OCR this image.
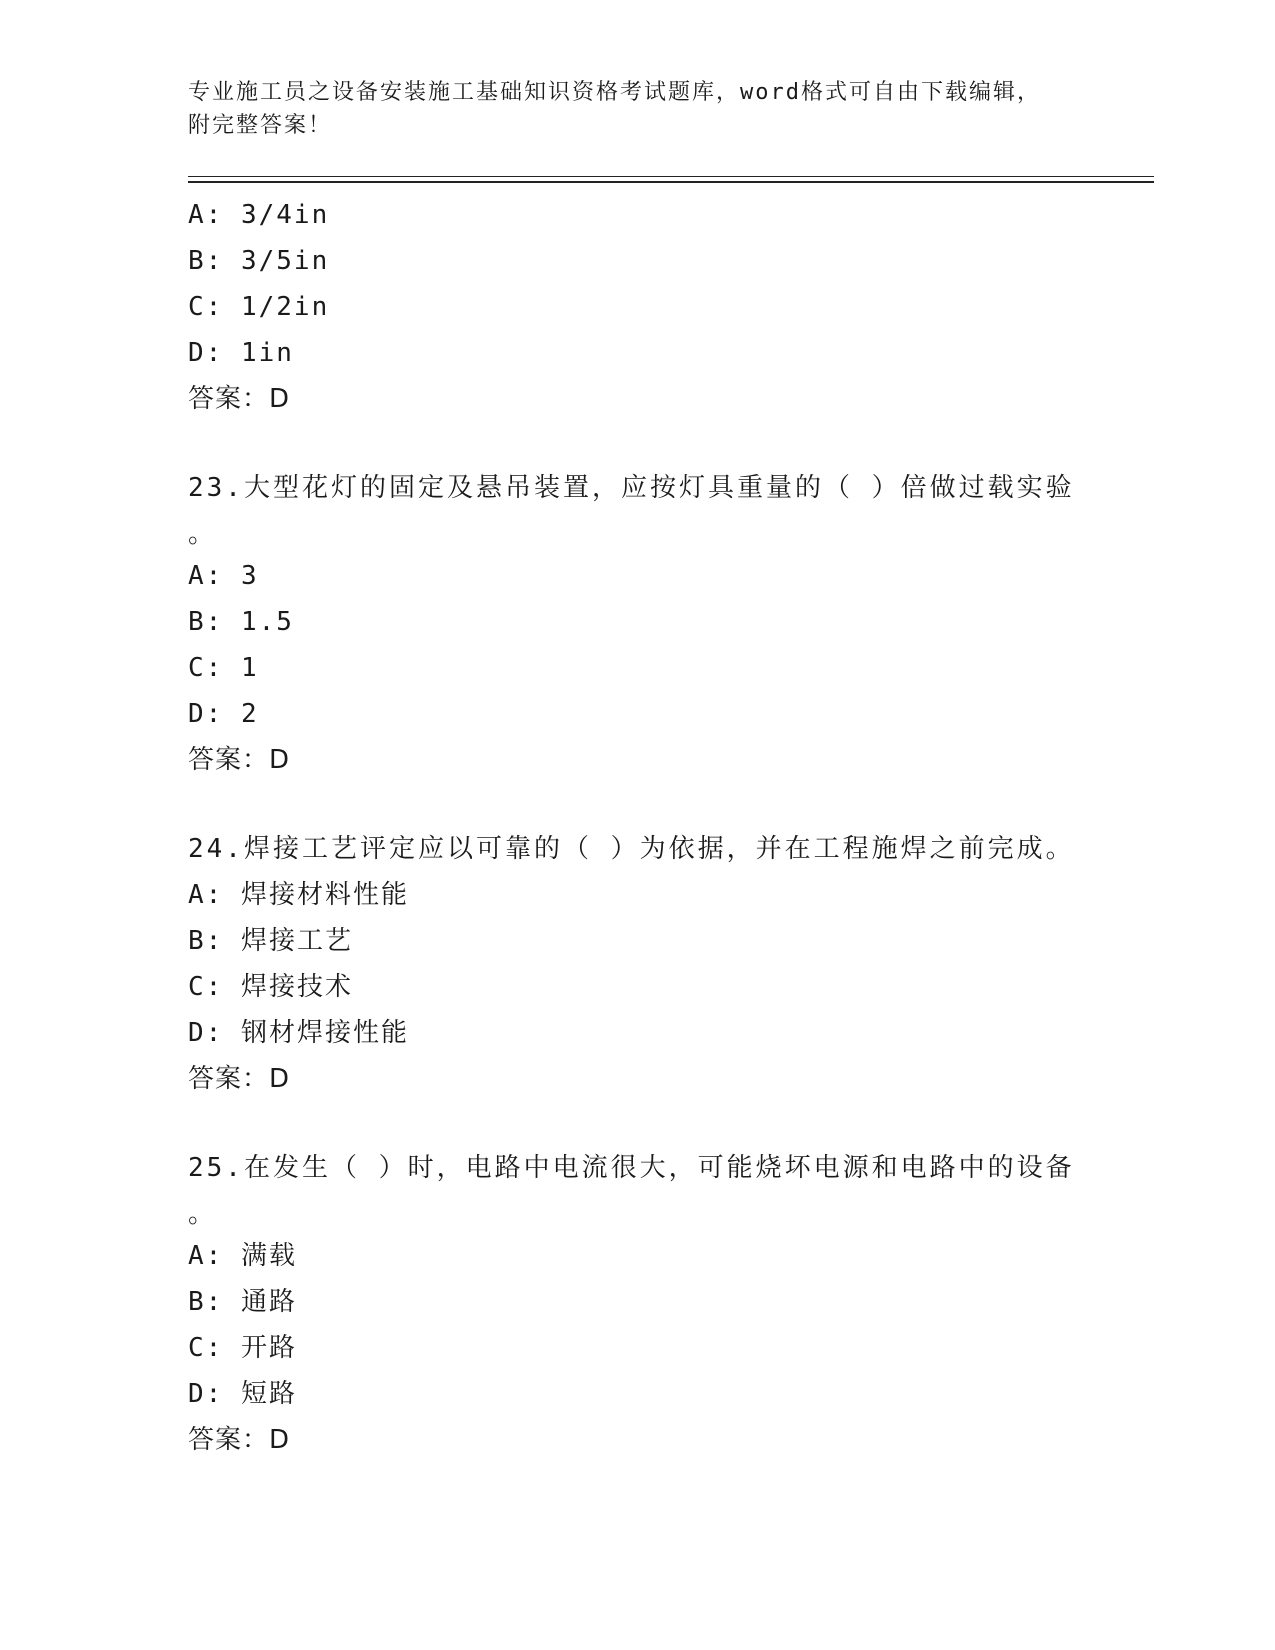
专业施工员之设备安装施工基础知识资格考试题库，word格式可自由下载编辑，
附完整答案！
A: 3/4in
B: 3/5in
C: 1/2in
D: 1in
答案：D
23.大型花灯的固定及悬吊装置，应按灯具重量的（ ）倍做过载实验
。
A: 3
B: 1.5
C: 1
D: 2
答案：D
24.焊接工艺评定应以可靠的（ ）为依据，并在工程施焊之前完成。
A: 焊接材料性能
B: 焊接工艺
C: 焊接技术
D: 钢材焊接性能
答案：D
25.在发生（ ）时，电路中电流很大，可能烧坏电源和电路中的设备
。
A: 满载
B: 通路
C: 开路
D: 短路
答案：D
